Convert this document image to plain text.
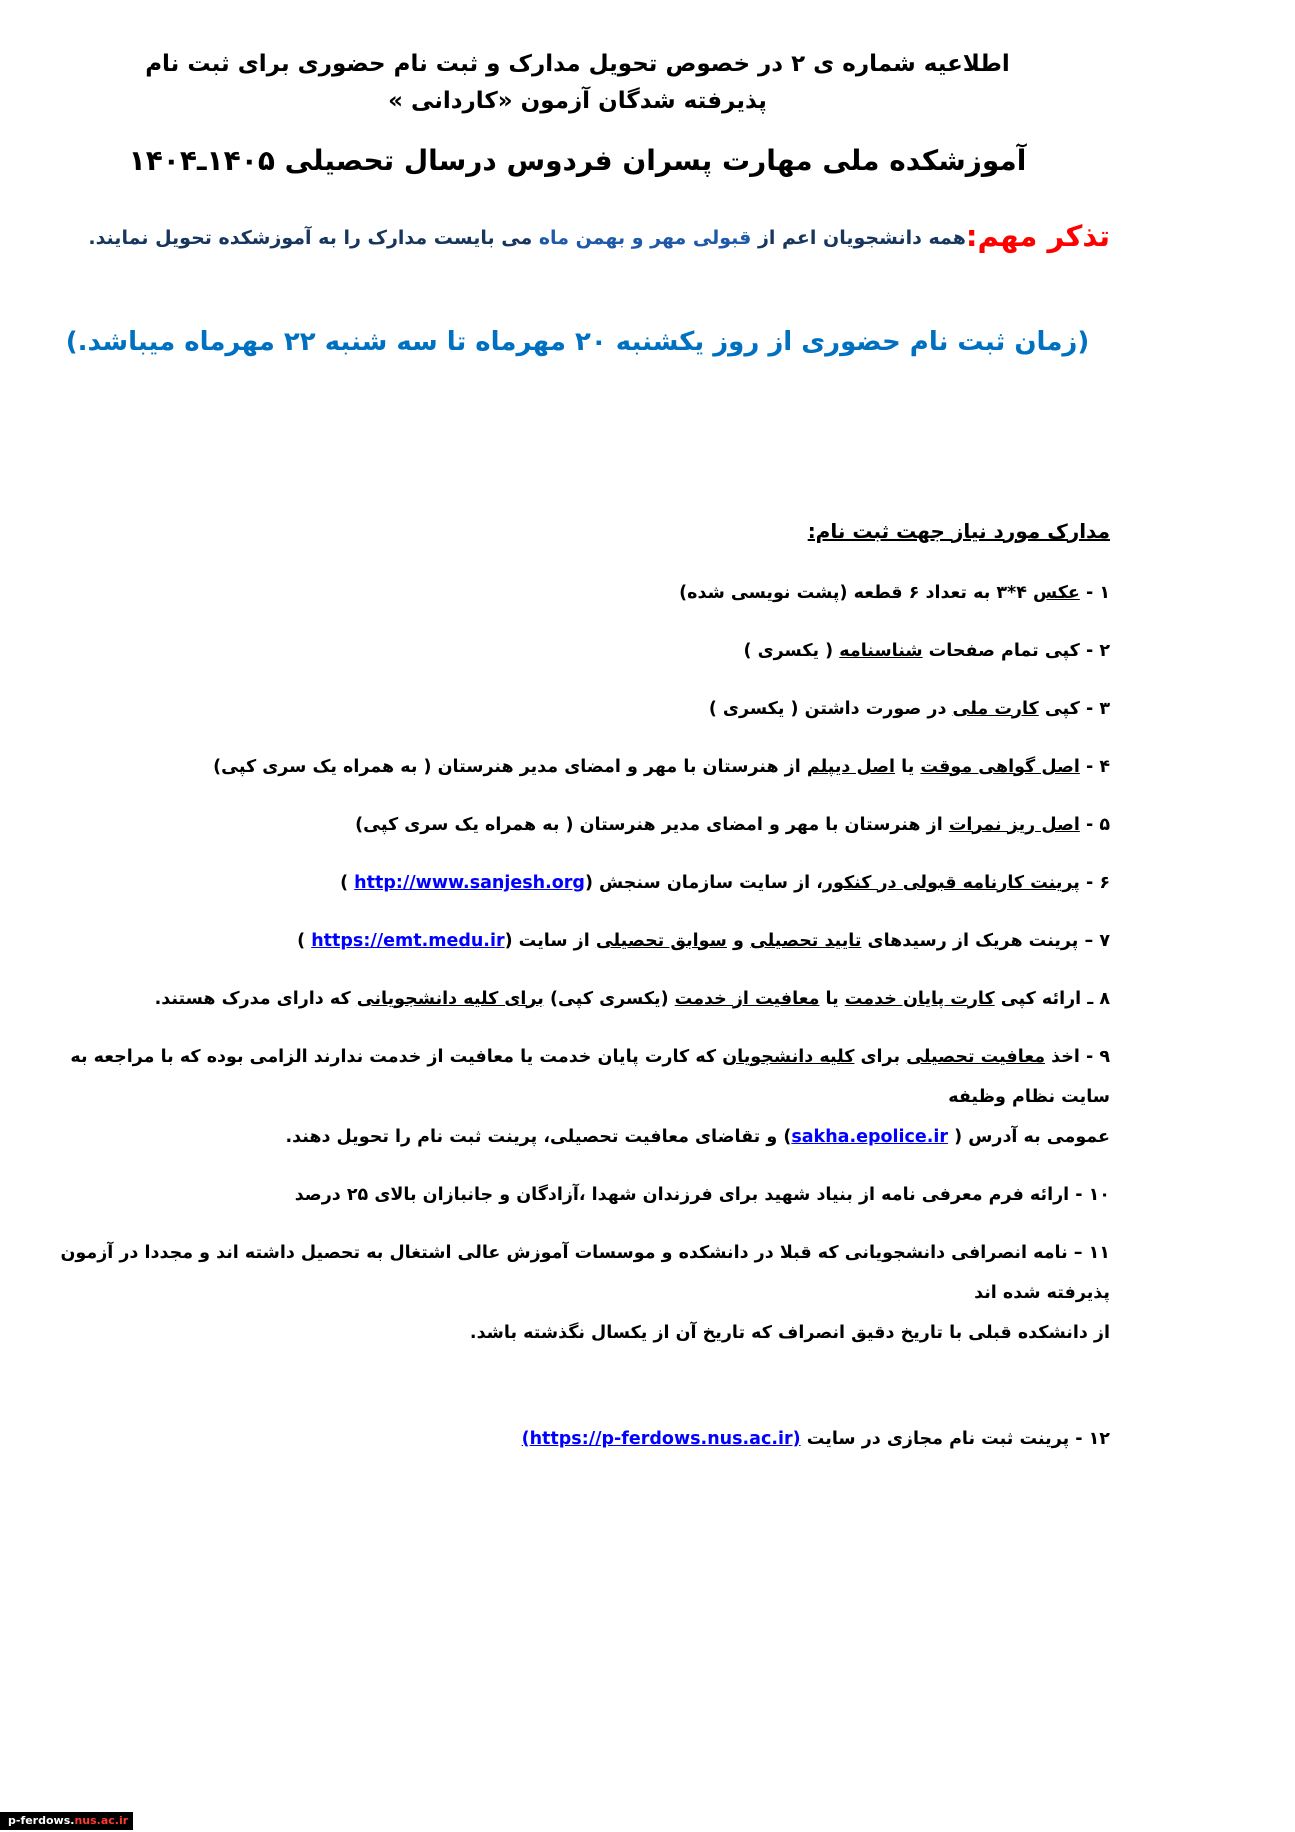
اطلاعیه شماره ی ۲ در خصوص تحویل مدارک و ثبت نام حضوری برای ثبت نام
پذیرفته شدگان آزمون «کاردانی »
آموزشکده ملی مهارت پسران فردوس درسال تحصیلی ۱۴۰۴ـ۱۴۰۵
تذکر مهم:همه دانشجویان اعم از قبولی مهر و بهمن ماه می بایست مدارک را به آموزشکده تحویل نمایند.
(زمان ثبت نام حضوری از روز یکشنبه ۲۰ مهرماه تا سه شنبه ۲۲ مهرماه میباشد.)
مدارک مورد نیاز جهت ثبت نام:
۱ - عکس ۳*۴ به تعداد ۶ قطعه (پشت نویسی شده)
۲ - کپی تمام صفحات شناسنامه ( یکسری )
۳ - کپی کارت ملی در صورت داشتن ( یکسری )
۴ - اصل گواهی موقت یا اصل دیپلم از هنرستان با مهر و امضای مدیر هنرستان ( به همراه یک سری کپی)
۵ - اصل ریز نمرات از هنرستان با مهر و امضای مدیر هنرستان ( به همراه یک سری کپی)
۶ - پرینت کارنامه قبولی در کنکور، از سایت سازمان سنجش (http://www.sanjesh.org )
۷ – پرینت هریک از رسیدهای تایید تحصیلی و سوابق تحصیلی از سایت (https://emt.medu.ir )
۸ ـ ارائه کپی کارت پایان خدمت یا معافیت از خدمت (یکسری کپی) برای کلیه دانشجویانی که دارای مدرک هستند.
۹ - اخذ معافیت تحصیلی برای کلیه دانشجویان که کارت پایان خدمت یا معافیت از خدمت ندارند الزامی بوده که با مراجعه به سایت نظام وظیفه
عمومی به آدرس ( sakha.epolice.ir) و تقاضای معافیت تحصیلی، پرینت ثبت نام را تحویل دهند.
۱۰ - ارائه فرم معرفی نامه از بنیاد شهید برای فرزندان شهدا ،آزادگان و جانبازان بالای ۲۵ درصد
۱۱ – نامه انصرافی دانشجویانی که قبلا در دانشکده و موسسات آموزش عالی اشتغال به تحصیل داشته اند و مجددا در آزمون پذیرفته شده اند
از دانشکده قبلی با تاریخ دقیق انصراف که تاریخ آن از یکسال نگذشته باشد.
۱۲ - پرینت ثبت نام مجازی در سایت (https://p-ferdows.nus.ac.ir)
p-ferdows.nus.ac.ir
